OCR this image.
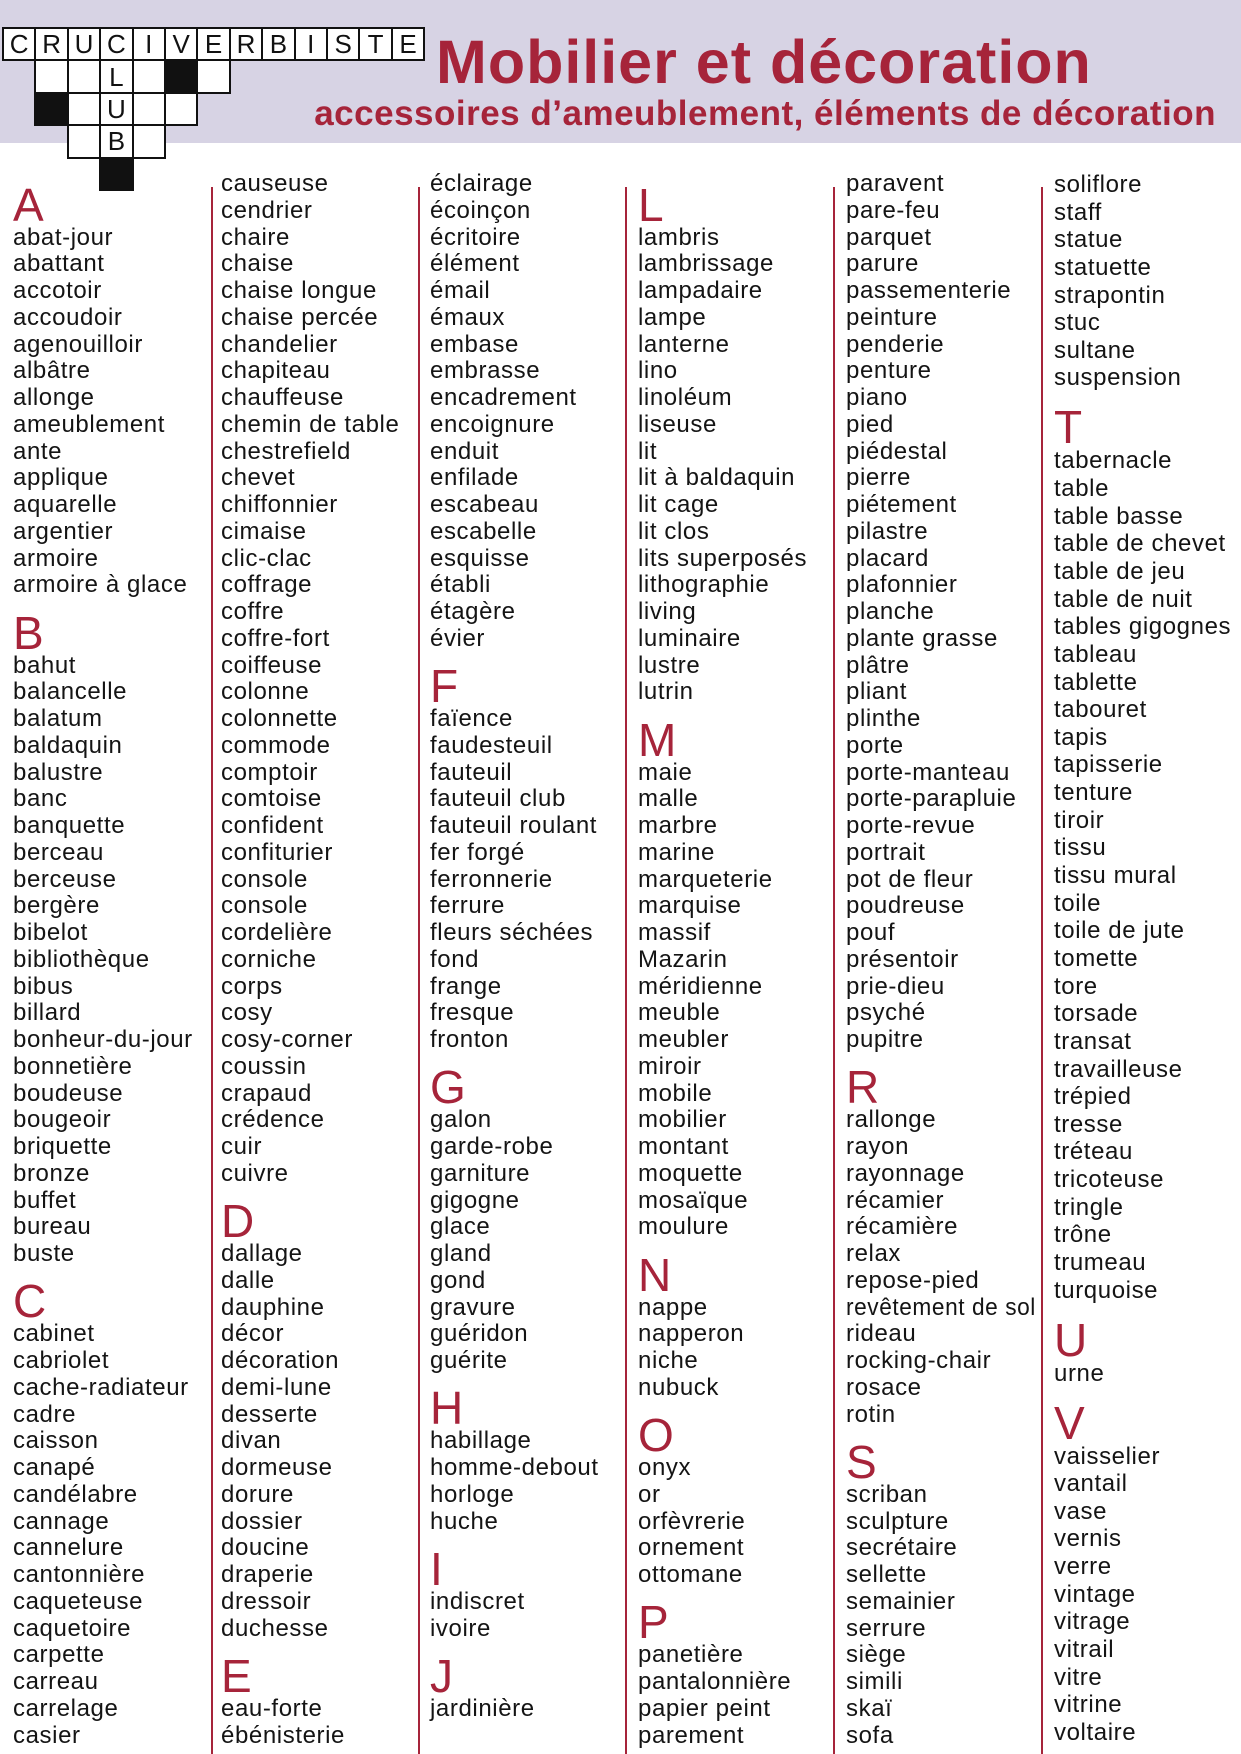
C R U C I V E R B I S T E
L
U
B
Mobilier et décoration
accessoires d’ameublement, éléments de décoration
A
abat-jour
abattant
accotoir
accoudoir
agenouilloir
albâtre
allonge
ameublement
ante
applique
aquarelle
argentier
armoire
armoire à glace
B
bahut
balancelle
balatum
baldaquin
balustre
banc
banquette
berceau
berceuse
bergère
bibelot
bibliothèque
bibus
billard
bonheur-du-jour
bonnetière
boudeuse
bougeoir
briquette
bronze
buffet
bureau
buste
C
cabinet
cabriolet
cache-radiateur
cadre
caisson
canapé
candélabre
cannage
cannelure
cantonnière
caqueteuse
caquetoire
carpette
carreau
carrelage
casier
causeuse
cendrier
chaire
chaise
chaise longue
chaise percée
chandelier
chapiteau
chauffeuse
chemin de table
chestrefield
chevet
chiffonnier
cimaise
clic-clac
coffrage
coffre
coffre-fort
coiffeuse
colonne
colonnette
commode
comptoir
comtoise
confident
confiturier
console
console
cordelière
corniche
corps
cosy
cosy-corner
coussin
crapaud
crédence
cuir
cuivre
D
dallage
dalle
dauphine
décor
décoration
demi-lune
desserte
divan
dormeuse
dorure
dossier
doucine
draperie
dressoir
duchesse
E
eau-forte
ébénisterie
éclairage
écoinçon
écritoire
élément
émail
émaux
embase
embrasse
encadrement
encoignure
enduit
enfilade
escabeau
escabelle
esquisse
établi
étagère
évier
F
faïence
faudesteuil
fauteuil
fauteuil club
fauteuil roulant
fer forgé
ferronnerie
ferrure
fleurs séchées
fond
frange
fresque
fronton
G
galon
garde-robe
garniture
gigogne
glace
gland
gond
gravure
guéridon
guérite
H
habillage
homme-debout
horloge
huche
I
indiscret
ivoire
J
jardinière
L
lambris
lambrissage
lampadaire
lampe
lanterne
lino
linoléum
liseuse
lit
lit à baldaquin
lit cage
lit clos
lits superposés
lithographie
living
luminaire
lustre
lutrin
M
maie
malle
marbre
marine
marqueterie
marquise
massif
Mazarin
méridienne
meuble
meubler
miroir
mobile
mobilier
montant
moquette
mosaïque
moulure
N
nappe
napperon
niche
nubuck
O
onyx
or
orfèvrerie
ornement
ottomane
P
panetière
pantalonnière
papier peint
parement
paravent
pare-feu
parquet
parure
passementerie
peinture
penderie
penture
piano
pied
piédestal
pierre
piétement
pilastre
placard
plafonnier
planche
plante grasse
plâtre
pliant
plinthe
porte
porte-manteau
porte-parapluie
porte-revue
portrait
pot de fleur
poudreuse
pouf
présentoir
prie-dieu
psyché
pupitre
R
rallonge
rayon
rayonnage
récamier
récamière
relax
repose-pied
revêtement de sol
rideau
rocking-chair
rosace
rotin
S
scriban
sculpture
secrétaire
sellette
semainier
serrure
siège
simili
skaï
sofa
soliflore
staff
statue
statuette
strapontin
stuc
sultane
suspension
T
tabernacle
table
table basse
table de chevet
table de jeu
table de nuit
tables gigognes
tableau
tablette
tabouret
tapis
tapisserie
tenture
tiroir
tissu
tissu mural
toile
toile de jute
tomette
tore
torsade
transat
travailleuse
trépied
tresse
tréteau
tricoteuse
tringle
trône
trumeau
turquoise
U
urne
V
vaisselier
vantail
vase
vernis
verre
vintage
vitrage
vitrail
vitre
vitrine
voltaire
